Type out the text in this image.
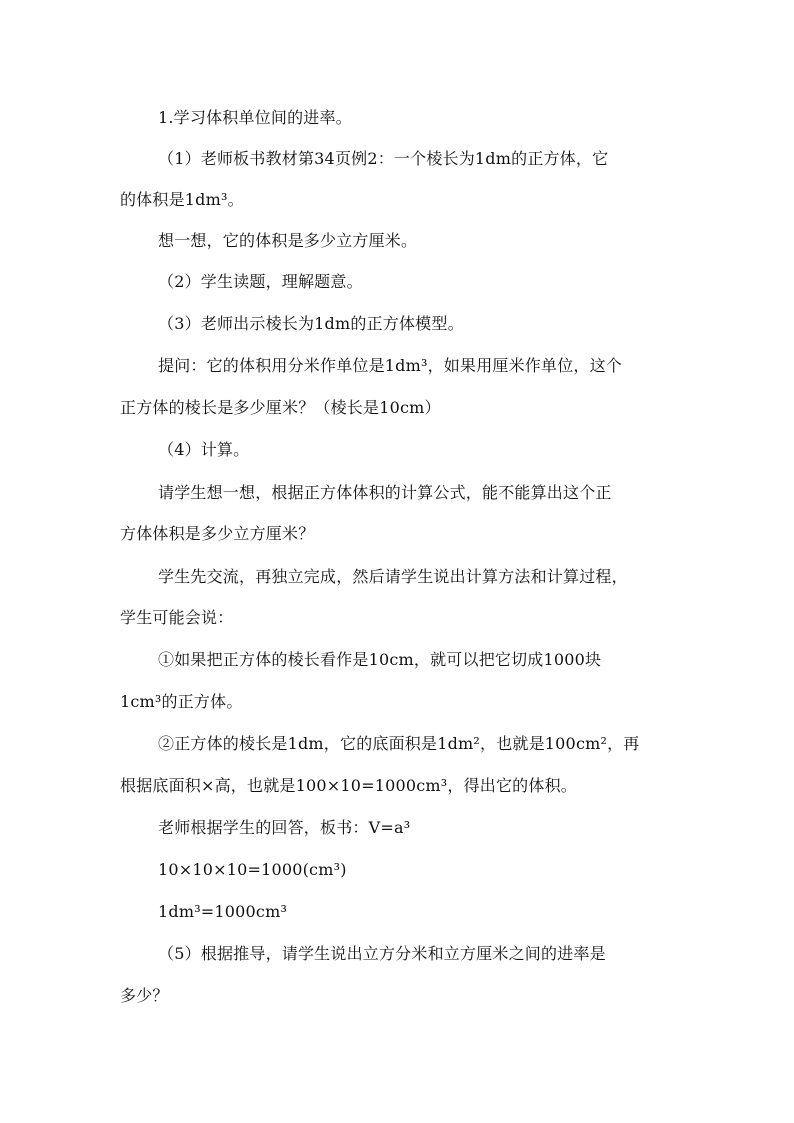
1.学习体积单位间的进率。
（1）老师板书教材第34页例2：一个棱长为1dm的正方体，它
的体积是1dm³。
想一想，它的体积是多少立方厘米。
（2）学生读题，理解题意。
（3）老师出示棱长为1dm的正方体模型。
提问：它的体积用分米作单位是1dm³，如果用厘米作单位，这个
正方体的棱长是多少厘米？（棱长是10cm）
（4）计算。
请学生想一想，根据正方体体积的计算公式，能不能算出这个正
方体体积是多少立方厘米？
学生先交流，再独立完成，然后请学生说出计算方法和计算过程，
学生可能会说：
①如果把正方体的棱长看作是10cm，就可以把它切成1000块
1cm³的正方体。
②正方体的棱长是1dm，它的底面积是1dm²，也就是100cm²，再
根据底面积×高，也就是100×10=1000cm³，得出它的体积。
老师根据学生的回答，板书：V=a³
10×10×10=1000(cm³)
1dm³=1000cm³
（5）根据推导，请学生说出立方分米和立方厘米之间的进率是
多少？
